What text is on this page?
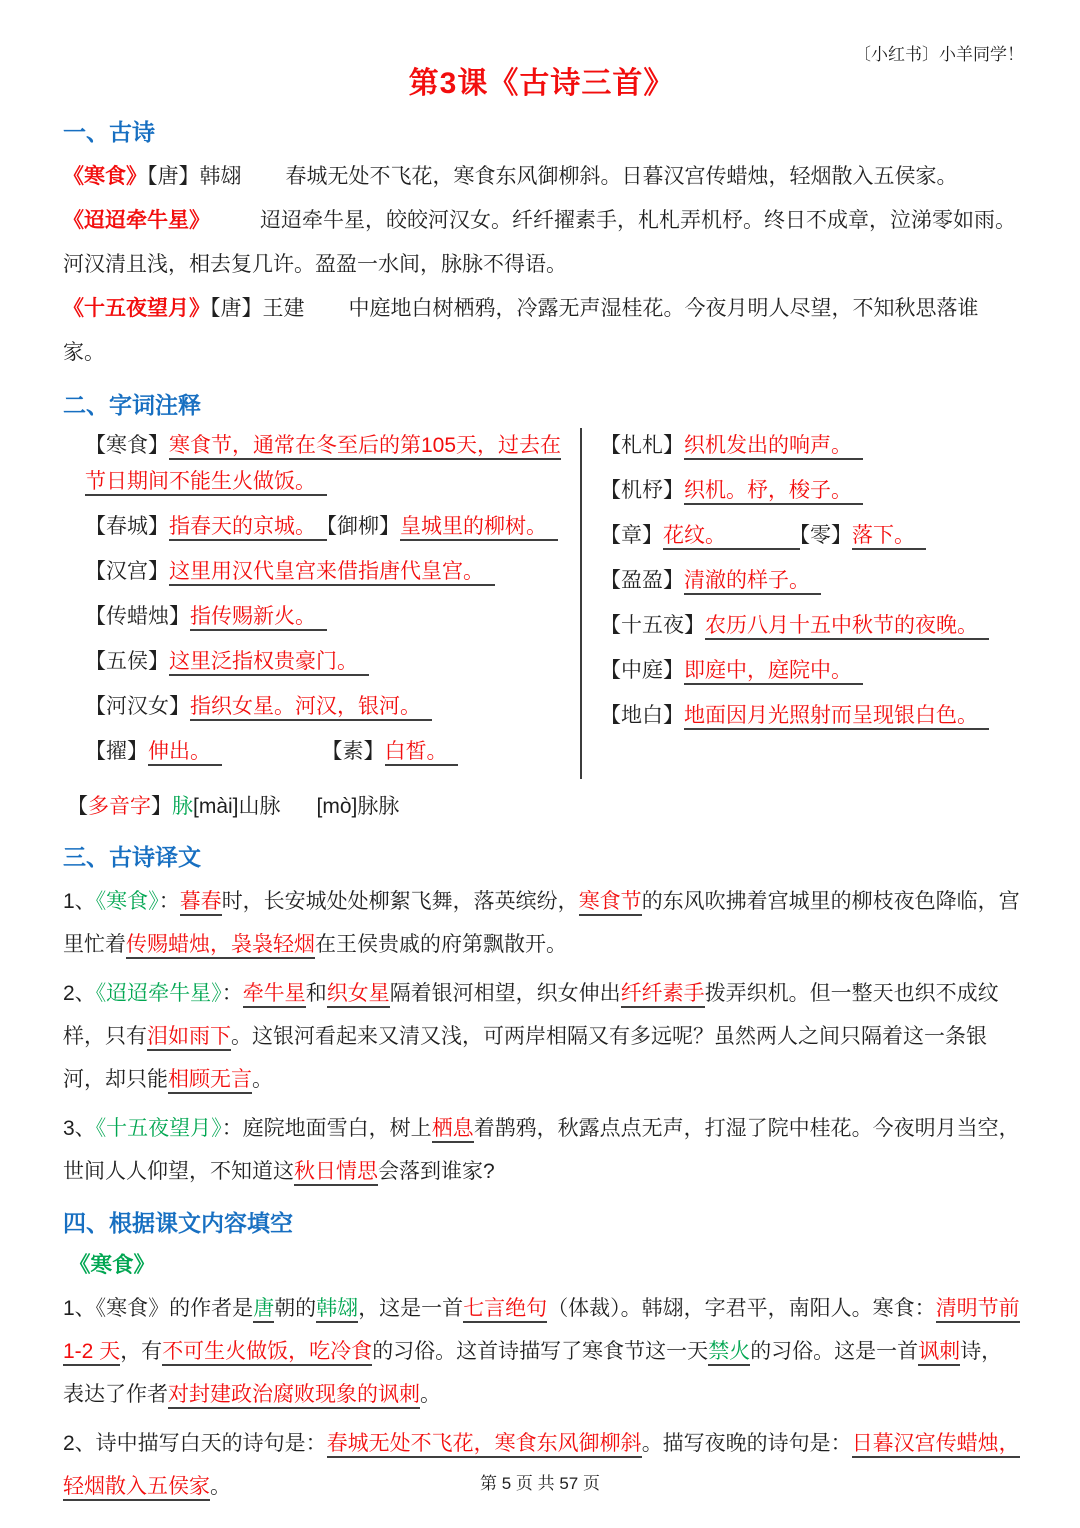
〔小红书〕小羊同学！
第3课《古诗三首》
一、古诗

《寒食》【唐】韩翃 春城无处不飞花，寒食东风御柳斜。日暮汉宫传蜡烛，轻烟散入五侯家。

《迢迢牵牛星》 迢迢牵牛星，皎皎河汉女。纤纤擢素手，札札弄机杼。终日不成章，泣涕零如雨。河汉清且浅，相去复几许。盈盈一水间，脉脉不得语。

《十五夜望月》【唐】王建 中庭地白树栖鸦，冷露无声湿桂花。今夜月明人尽望，不知秋思落谁家。

二、字词注释

【寒食】寒食节，通常在冬至后的第105天，过去在节日期间不能生火做饭。　

【春城】指春天的京城。　【御柳】皇城里的柳树。　

【汉宫】这里用汉代皇宫来借指唐代皇宫。　

【传蜡烛】指传赐新火。　

【五侯】这里泛指权贵豪门。　

【河汉女】指织女星。河汉，银河。　

【擢】伸出。　	【素】白皙。　

【札札】织机发出的响声。　

【机杼】织机。杼，梭子。　

【章】花纹。　　　　【零】落下。　

【盈盈】清澈的样子。　

【十五夜】农历八月十五中秋节的夜晚。　

【中庭】即庭中，庭院中。　

【地白】地面因月光照射而呈现银白色。　

【多音字】脉[mài]山脉 [mò]脉脉

三、古诗译文

1、《寒食》：暮春时，长安城处处柳絮飞舞，落英缤纷，寒食节的东风吹拂着宫城里的柳枝夜色降临，宫里忙着传赐蜡烛，袅袅轻烟在王侯贵戚的府第飘散开。

2、《迢迢牵牛星》：牵牛星和织女星隔着银河相望，织女伸出纤纤素手拨弄织机。但一整天也织不成纹样，只有泪如雨下。这银河看起来又清又浅，可两岸相隔又有多远呢？虽然两人之间只隔着这一条银河，却只能相顾无言。

3、《十五夜望月》：庭院地面雪白，树上栖息着鹊鸦，秋露点点无声，打湿了院中桂花。今夜明月当空，世间人人仰望，不知道这秋日情思会落到谁家?

四、根据课文内容填空

《寒食》

1、《寒食》的作者是唐朝的韩翃，这是一首七言绝句（体裁）。韩翃，字君平，南阳人。寒食：清明节前 1-2 天，有不可生火做饭，吃冷食的习俗。这首诗描写了寒食节这一天禁火的习俗。这是一首讽刺诗，表达了作者对封建政治腐败现象的讽刺。

2、诗中描写白天的诗句是：春城无处不飞花，寒食东风御柳斜。描写夜晚的诗句是：日暮汉宫传蜡烛，轻烟散入五侯家。	第 5 页 共 57 页
